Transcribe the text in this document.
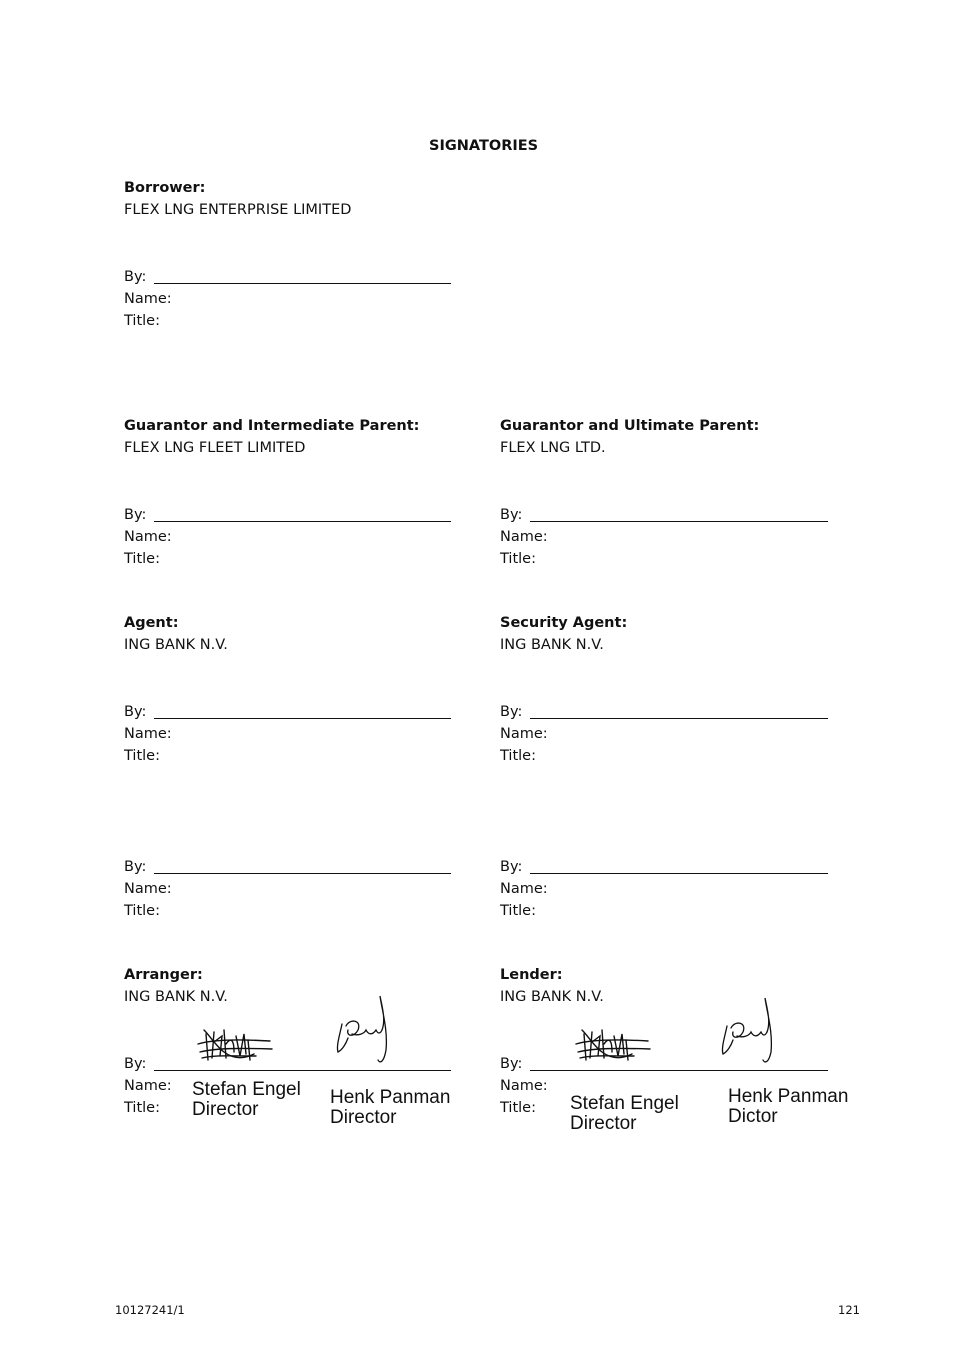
SIGNATORIES
Borrower:
FLEX LNG ENTERPRISE LIMITED
By:
Name:
Title:
Guarantor and Intermediate Parent:
FLEX LNG FLEET LIMITED
By:
Name:
Title:
Guarantor and Ultimate Parent:
FLEX LNG LTD.
By:
Name:
Title:
Agent:
ING BANK N.V.
By:
Name:
Title:
By:
Name:
Title:
Security Agent:
ING BANK N.V.
By:
Name:
Title:
By:
Name:
Title:
Arranger:
ING BANK N.V.
By:
Name:
Title:
Stefan Engel
Director
Henk Panman
Director
Lender:
ING BANK N.V.
By:
Name:
Title: Stefan Engel
Director
Henk Panman
Dictor
10127241/1	121
